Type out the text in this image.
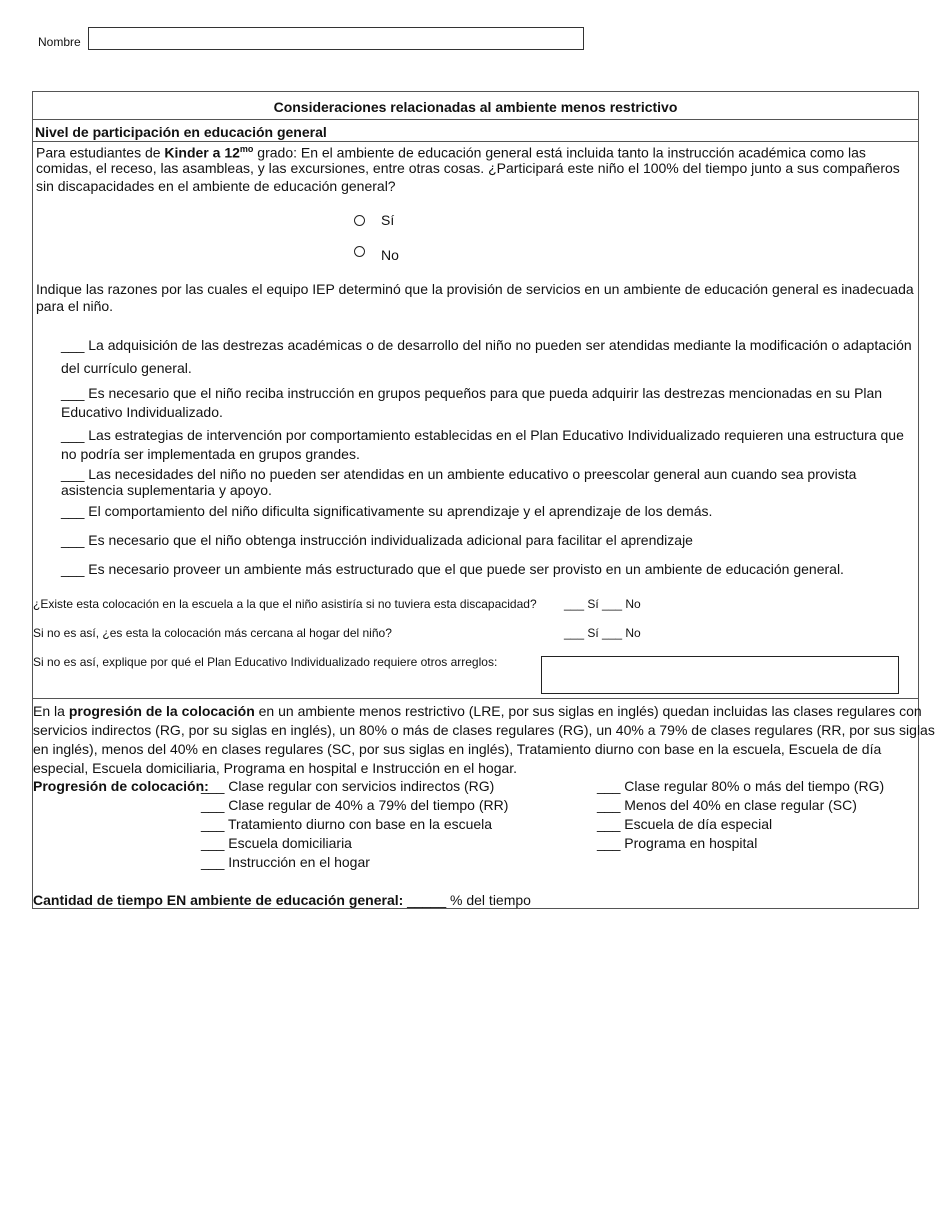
Nombre
Consideraciones relacionadas al ambiente menos restrictivo
Nivel de participación en educación general
Para estudiantes de Kinder a $12^{mo}$ grado: En el ambiente de educación general está incluida tanto la instrucción académica como las
comidas, el receso, las asambleas, y las excursiones, entre otras cosas. ¿Participará este niño el 100% del tiempo junto a sus compañeros
sin discapacidades en el ambiente de educación general?
Sí
No
Indique las razones por las cuales el equipo IEP determinó que la provisión de servicios en un ambiente de educación general es inadecuada
para el niño.
___ La adquisición de las destrezas académicas o de desarrollo del niño no pueden ser atendidas mediante la modificación o adaptación
del currículo general.
___ Es necesario que el niño reciba instrucción en grupos pequeños para que pueda adquirir las destrezas mencionadas en su Plan
Educativo Individualizado.
___ Las estrategias de intervención por comportamiento establecidas en el Plan Educativo Individualizado requieren una estructura que
no podría ser implementada en grupos grandes.
___ Las necesidades del niño no pueden ser atendidas en un ambiente educativo o preescolar general aun cuando sea provista
asistencia suplementaria y apoyo.
___ El comportamiento del niño dificulta significativamente su aprendizaje y el aprendizaje de los demás.
___ Es necesario que el niño obtenga instrucción individualizada adicional para facilitar el aprendizaje
___ Es necesario proveer un ambiente más estructurado que el que puede ser provisto en un ambiente de educación general.
¿Existe esta colocación en la escuela a la que el niño asistiría si no tuviera esta discapacidad? ___ Sí ___ No
Si no es así, ¿es esta la colocación más cercana al hogar del niño?	___ Sí ___ No
Si no es así, explique por qué el Plan Educativo Individualizado requiere otros arreglos:
En la progresión de la colocación en un ambiente menos restrictivo (LRE, por sus siglas en inglés) quedan incluidas las clases regulares con
servicios indirectos (RG, por su siglas en inglés), un 80% o más de clases regulares (RG), un 40% a 79% de clases regulares (RR, por sus siglas
en inglés), menos del 40% en clases regulares (SC, por sus siglas en inglés), Tratamiento diurno con base en la escuela, Escuela de día
especial, Escuela domiciliaria, Programa en hospital e Instrucción en el hogar.
Progresión de colocación:
___ Clase regular con servicios indirectos (RG)
___ Clase regular de 40% a 79% del tiempo (RR)
___ Tratamiento diurno con base en la escuela
___ Escuela domiciliaria
___ Instrucción en el hogar
___ Clase regular 80% o más del tiempo (RG)
___ Menos del 40% en clase regular (SC)
___ Escuela de día especial
___ Programa en hospital
Cantidad de tiempo EN ambiente de educación general: _____ % del tiempo
